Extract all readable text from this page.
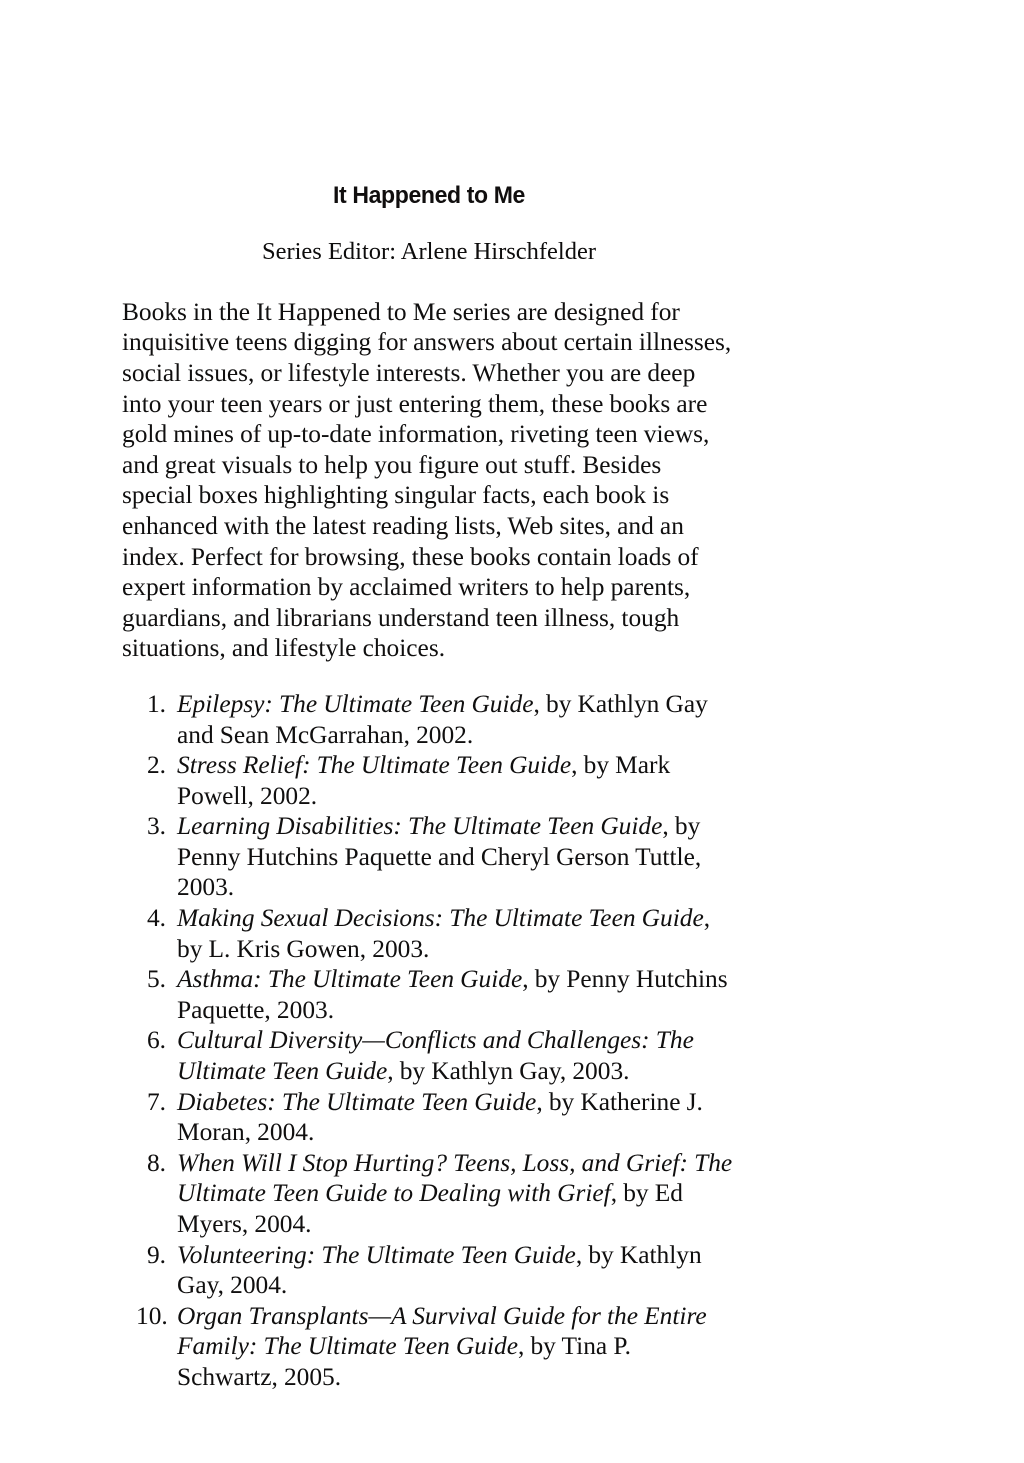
It Happened to Me

Series Editor: Arlene Hirschfelder

Books in the It Happened to Me series are designed for inquisitive teens digging for answers about certain illnesses, social issues, or lifestyle interests. Whether you are deep into your teen years or just entering them, these books are gold mines of up-to-date information, riveting teen views, and great visuals to help you figure out stuff. Besides special boxes highlighting singular facts, each book is enhanced with the latest reading lists, Web sites, and an index. Perfect for browsing, these books contain loads of expert information by acclaimed writers to help parents, guardians, and librarians understand teen illness, tough situations, and lifestyle choices.

Epilepsy: The Ultimate Teen Guide, by Kathlyn Gay and Sean McGarrahan, 2002.
Stress Relief: The Ultimate Teen Guide, by Mark Powell, 2002.
Learning Disabilities: The Ultimate Teen Guide, by Penny Hutchins Paquette and Cheryl Gerson Tuttle, 2003.
Making Sexual Decisions: The Ultimate Teen Guide, by L. Kris Gowen, 2003.
Asthma: The Ultimate Teen Guide, by Penny Hutchins Paquette, 2003.
Cultural Diversity—Conflicts and Challenges: The Ultimate Teen Guide, by Kathlyn Gay, 2003.
Diabetes: The Ultimate Teen Guide, by Katherine J. Moran, 2004.
When Will I Stop Hurting? Teens, Loss, and Grief: The Ultimate Teen Guide to Dealing with Grief, by Ed Myers, 2004.
Volunteering: The Ultimate Teen Guide, by Kathlyn Gay, 2004.
Organ Transplants—A Survival Guide for the Entire Family: The Ultimate Teen Guide, by Tina P. Schwartz, 2005.
